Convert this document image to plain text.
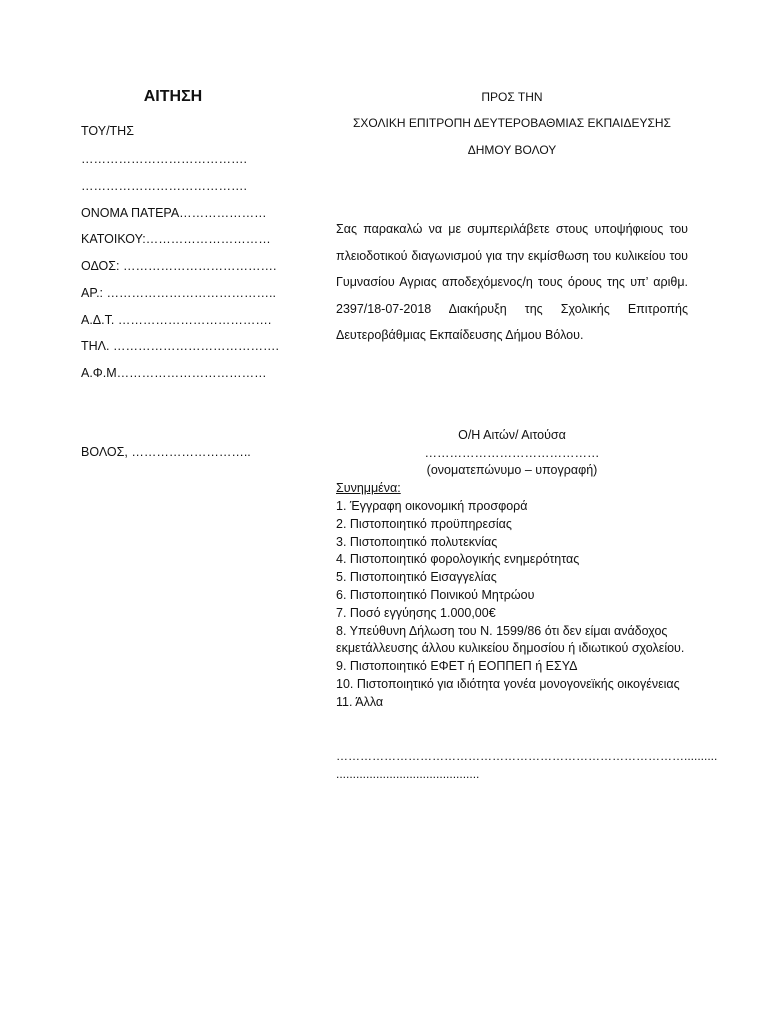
ΑΙΤΗΣΗ
ΤΟΥ/ΤΗΣ
………………………………….
………………………………….
ΟΝΟΜΑ ΠΑΤΕΡΑ…………………
ΚΑΤΟΙΚΟΥ:…………………………
ΟΔΟΣ: ……………………………….
ΑΡ.: …………………………………..
Α.Δ.Τ. ……………………………….
ΤΗΛ. ………………………………….
Α.Φ.Μ………………………………
ΒΟΛΟΣ, ………………………..
ΠΡΟΣ ΤΗΝ
ΣΧΟΛΙΚΗ ΕΠΙΤΡΟΠΗ ΔΕΥΤΕΡΟΒΑΘΜΙΑΣ ΕΚΠΑΙΔΕΥΣΗΣ
ΔΗΜΟΥ ΒΟΛΟΥ
Σας παρακαλώ να με συμπεριλάβετε στους υποψήφιους του πλειοδοτικού διαγωνισμού για την εκμίσθωση του κυλικείου του Γυμνασίου Αγριας αποδεχόμενος/η τους όρους της υπ’ αριθμ. 2397/18-07-2018 Διακήρυξη της Σχολικής Επιτροπής Δευτεροβάθμιας Εκπαίδευσης Δήμου Βόλου.
Ο/Η Αιτών/ Αιτούσα
……………………………………
(ονοματεπώνυμο – υπογραφή)
Συνημμένα:
1. Έγγραφη οικονομική προσφορά
2. Πιστοποιητικό προϋπηρεσίας
3. Πιστοποιητικό πολυτεκνίας
4. Πιστοποιητικό φορολογικής ενημερότητας
5. Πιστοποιητικό Εισαγγελίας
6. Πιστοποιητικό Ποινικού Μητρώου
7. Ποσό εγγύησης 1.000,00€
8. Υπεύθυνη Δήλωση του Ν. 1599/86 ότι δεν είμαι ανάδοχος εκμετάλλευσης άλλου κυλικείου δημοσίου ή ιδιωτικού σχολείου.
9. Πιστοποιητικό ΕΦΕΤ ή ΕΟΠΠΕΠ ή ΕΣΥΔ
10. Πιστοποιητικό για ιδιότητα γονέα μονογονεϊκής οικογένειας
11. Άλλα
……………………………………………………………………………..........
...........................................
